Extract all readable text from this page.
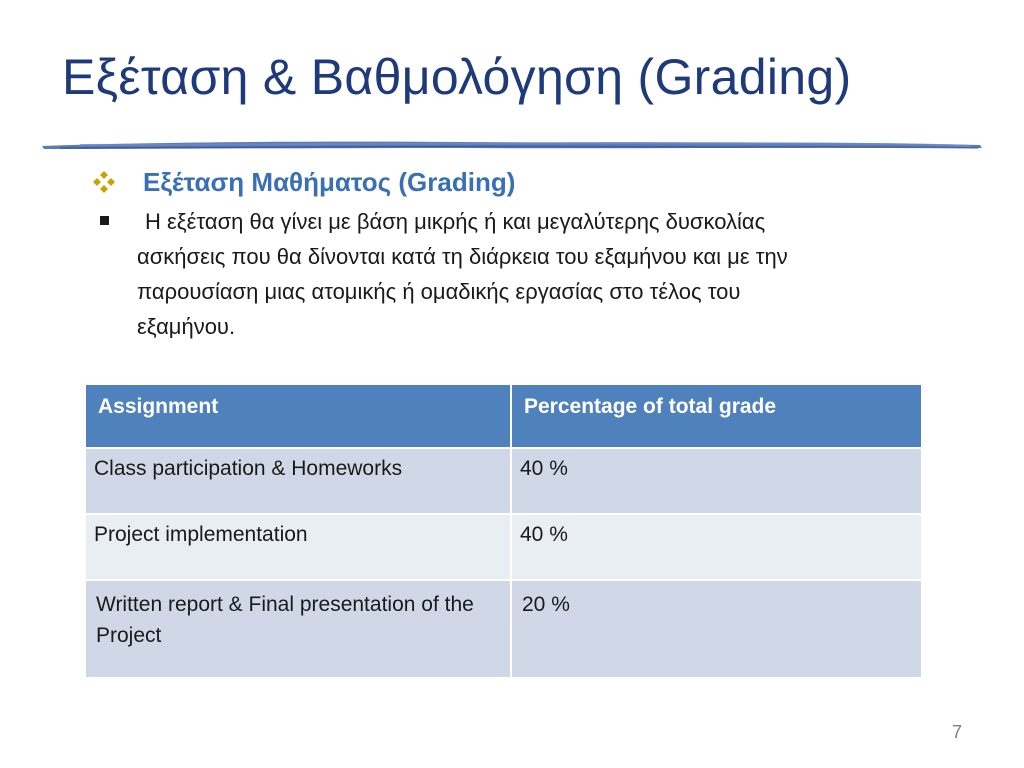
Εξέταση & Βαθμολόγηση (Grading)
Εξέταση Μαθήματος (Grading)
Η εξέταση θα γίνει με βάση μικρής ή και μεγαλύτερης δυσκολίας
ασκήσεις που θα δίνονται κατά τη διάρκεια του εξαμήνου και με την
παρουσίαση μιας ατομικής ή ομαδικής εργασίας στο τέλος του
εξαμήνου.
Assignment	Percentage of total grade
Class participation & Homeworks	40 %
Project implementation	40 %
Written report & Final presentation of the Project	20 %
7
